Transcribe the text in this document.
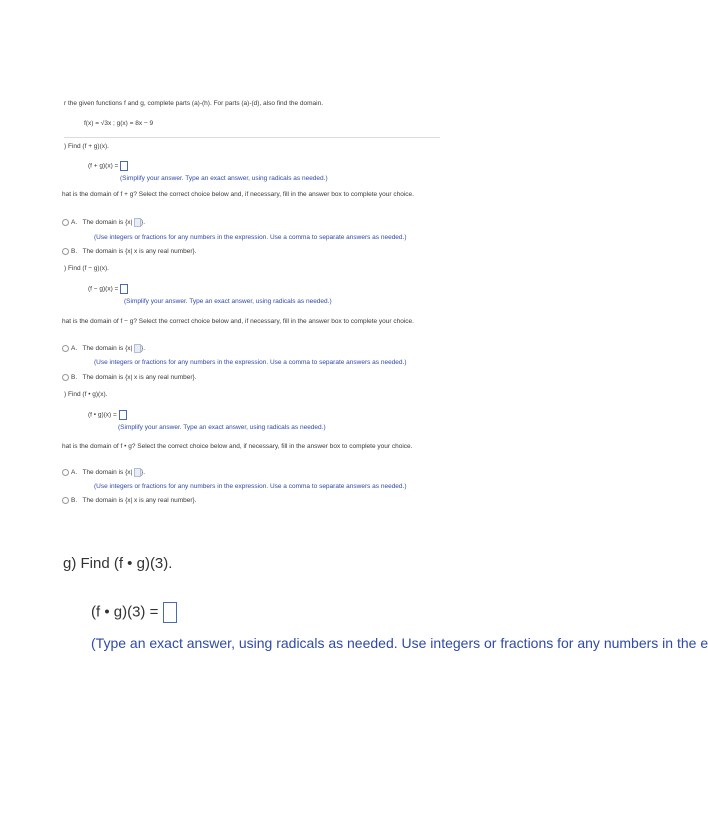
r the given functions f and g, complete parts (a)-(h). For parts (a)-(d), also find the domain.
f(x) = √3x ; g(x) = 8x − 9
) Find (f + g)(x).
(f + g)(x) =
(Simplify your answer. Type an exact answer, using radicals as needed.)
hat is the domain of f + g? Select the correct choice below and, if necessary, fill in the answer box to complete your choice.
A. The domain is {x| }.
(Use integers or fractions for any numbers in the expression. Use a comma to separate answers as needed.)
B. The domain is {x| x is any real number}.
) Find (f − g)(x).
(f − g)(x) =
(Simplify your answer. Type an exact answer, using radicals as needed.)
hat is the domain of f − g? Select the correct choice below and, if necessary, fill in the answer box to complete your choice.
A. The domain is {x| }.
(Use integers or fractions for any numbers in the expression. Use a comma to separate answers as needed.)
B. The domain is {x| x is any real number}.
) Find (f • g)(x).
(f • g)(x) =
(Simplify your answer. Type an exact answer, using radicals as needed.)
hat is the domain of f • g? Select the correct choice below and, if necessary, fill in the answer box to complete your choice.
A. The domain is {x| }.
(Use integers or fractions for any numbers in the expression. Use a comma to separate answers as needed.)
B. The domain is {x| x is any real number}.
g) Find (f • g)(3).
(f • g)(3) =
(Type an exact answer, using radicals as needed. Use integers or fractions for any numbers in the e
